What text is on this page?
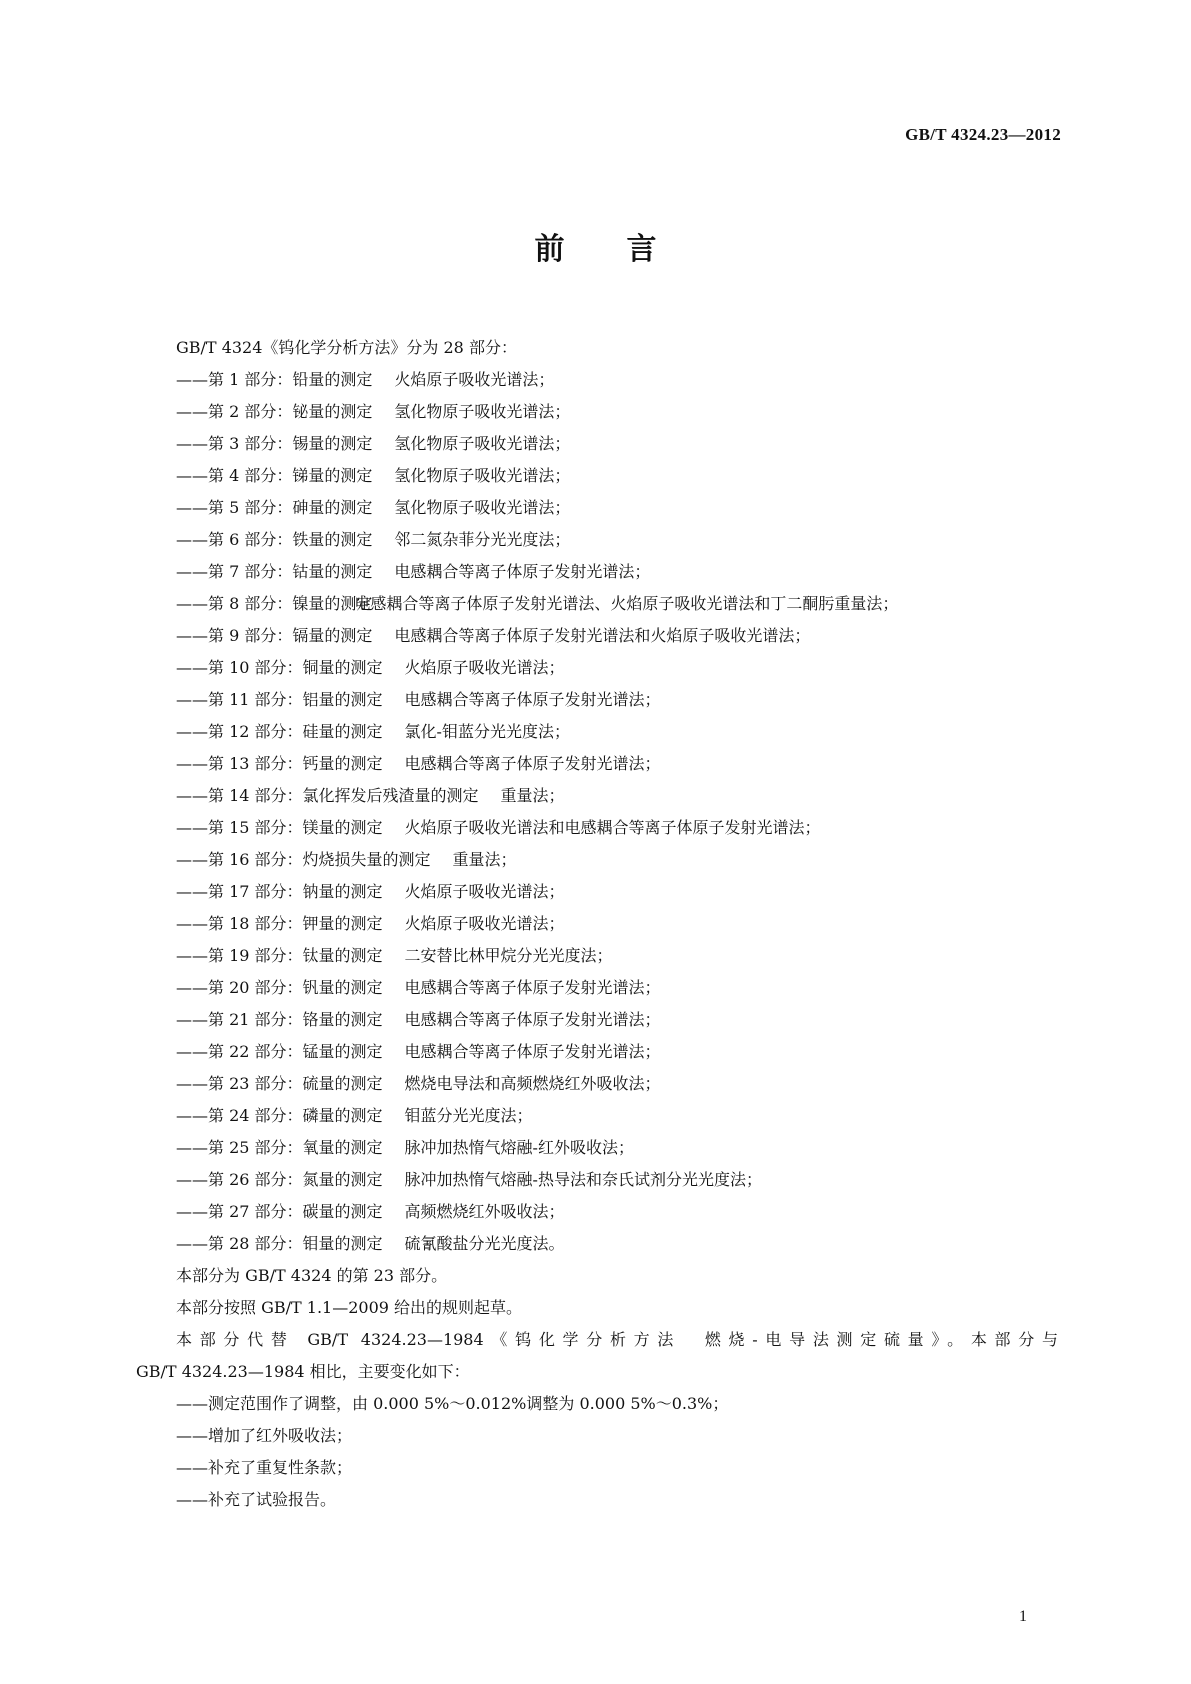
GB/T 4324.23—2012
前言

GB/T 4324《钨化学分析方法》分为 28 部分：

——第 1 部分：铅量的测定 火焰原子吸收光谱法；
——第 2 部分：铋量的测定 氢化物原子吸收光谱法；
——第 3 部分：锡量的测定 氢化物原子吸收光谱法；
——第 4 部分：锑量的测定 氢化物原子吸收光谱法；
——第 5 部分：砷量的测定 氢化物原子吸收光谱法；
——第 6 部分：铁量的测定 邻二氮杂菲分光光度法；
——第 7 部分：钴量的测定 电感耦合等离子体原子发射光谱法；
——第 8 部分：镍量的测定电感耦合等离子体原子发射光谱法、火焰原子吸收光谱法和丁二酮肟重量法；
——第 9 部分：镉量的测定 电感耦合等离子体原子发射光谱法和火焰原子吸收光谱法；
——第 10 部分：铜量的测定 火焰原子吸收光谱法；
——第 11 部分：铝量的测定 电感耦合等离子体原子发射光谱法；
——第 12 部分：硅量的测定 氯化-钼蓝分光光度法；
——第 13 部分：钙量的测定 电感耦合等离子体原子发射光谱法；
——第 14 部分：氯化挥发后残渣量的测定 重量法；
——第 15 部分：镁量的测定 火焰原子吸收光谱法和电感耦合等离子体原子发射光谱法；
——第 16 部分：灼烧损失量的测定 重量法；
——第 17 部分：钠量的测定 火焰原子吸收光谱法；
——第 18 部分：钾量的测定 火焰原子吸收光谱法；
——第 19 部分：钛量的测定 二安替比林甲烷分光光度法；
——第 20 部分：钒量的测定 电感耦合等离子体原子发射光谱法；
——第 21 部分：铬量的测定 电感耦合等离子体原子发射光谱法；
——第 22 部分：锰量的测定 电感耦合等离子体原子发射光谱法；
——第 23 部分：硫量的测定 燃烧电导法和高频燃烧红外吸收法；
——第 24 部分：磷量的测定 钼蓝分光光度法；
——第 25 部分：氧量的测定 脉冲加热惰气熔融-红外吸收法；
——第 26 部分：氮量的测定 脉冲加热惰气熔融-热导法和奈氏试剂分光光度法；
——第 27 部分：碳量的测定 高频燃烧红外吸收法；
——第 28 部分：钼量的测定 硫氰酸盐分光光度法。

本部分为 GB/T 4324 的第 23 部分。

本部分按照 GB/T 1.1—2009 给出的规则起草。

本部分代替 GB/T 4324.23—1984《钨化学分析方法　燃烧-电导法测定硫量》。本部分与

GB/T 4324.23—1984 相比，主要变化如下：

——测定范围作了调整，由 0.000 5%～0.012%调整为 0.000 5%～0.3%；
——增加了红外吸收法；
——补充了重复性条款；
——补充了试验报告。
1
